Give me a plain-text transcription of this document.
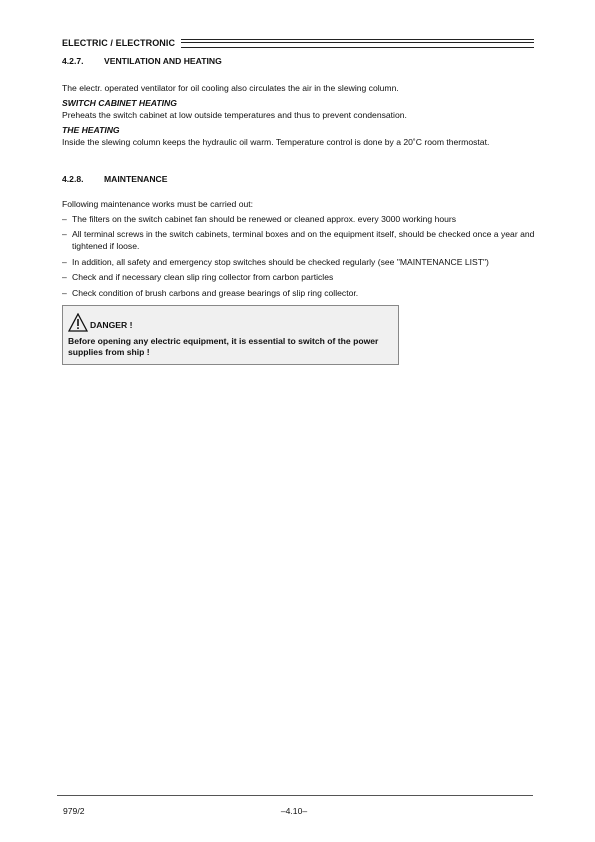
ELECTRIC / ELECTRONIC
4.2.7.	VENTILATION AND HEATING

The electr. operated ventilator for oil cooling also circulates the air in the slewing column.

SWITCH CABINET HEATING

Preheats the switch cabinet at low outside temperatures and thus to prevent condensation.

THE HEATING

Inside the slewing column keeps the hydraulic oil warm. Temperature control is done by a 20˚C room thermostat.

4.2.8.	MAINTENANCE

Following maintenance works must be carried out:

– The filters on the switch cabinet fan should be renewed or cleaned approx. every 3000 working hours
– All terminal screws in the switch cabinets, terminal boxes and on the equipment itself, should be checked once a year and tightened if loose.
– In addition, all safety and emergency stop switches should be checked regularly (see "MAINTENANCE LIST")
– Check and if necessary clean slip ring collector from carbon particles
– Check condition of brush carbons and grease bearings of slip ring collector.
DANGER !
Before opening any electric equipment, it is essential to switch of the power supplies from ship !
979/2	–4.10–
